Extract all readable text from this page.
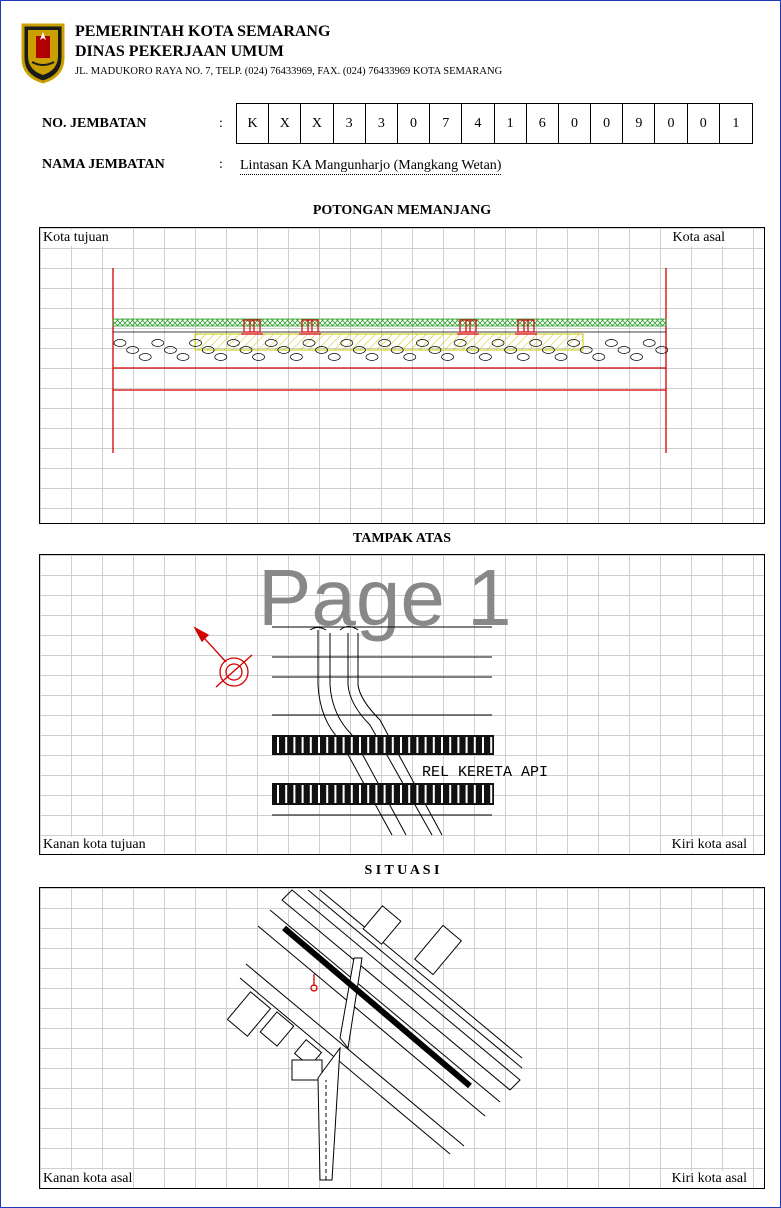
PEMERINTAH KOTA SEMARANG
DINAS PEKERJAAN UMUM
JL. MADUKORO RAYA NO. 7, TELP. (024) 76433969, FAX. (024) 76433969 KOTA SEMARANG
NO. JEMBATAN	:	K	X	X	3	3	0	7	4	1	6	0	0	9	0	0	1
NAMA JEMBATAN	: Lintasan KA Mangunharjo (Mangkang Wetan)
POTONGAN MEMANJANG
Kota tujuan	Kota asal
TAMPAK ATAS
Page 1
REL KERETA API
Kanan kota tujuan	Kiri kota asal
S I T U A S I
Kanan kota asal	Kiri kota asal
